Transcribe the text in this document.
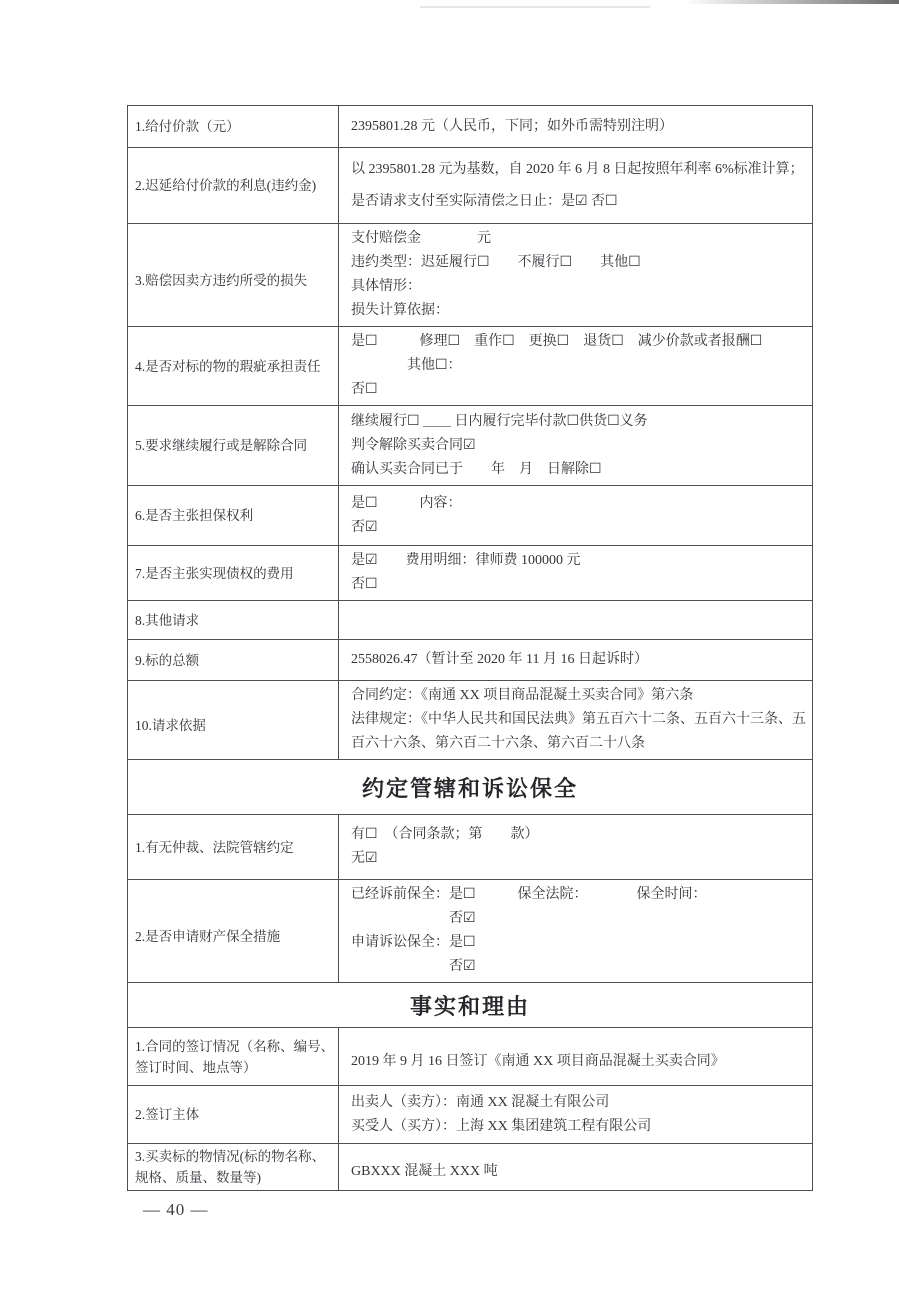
1.给付价款（元）	2395801.28 元（人民币，下同；如外币需特别注明）

2.迟延给付价款的利息(违约金)	以 2395801.28 元为基数，自 2020 年 6 月 8 日起按照年利率 6%标准计算；
是否请求支付至实际清偿之日止：是☑ 否☐

3.赔偿因卖方违约所受的损失	支付赔偿金　　　　元
违约类型：迟延履行☐　　不履行☐　　其他☐
具体情形：
损失计算依据：

4.是否对标的物的瑕疵承担责任	是☐　　　修理☐　重作☐　更换☐　退货☐　减少价款或者报酬☐
　　　　其他☐：
否☐

5.要求继续履行或是解除合同	继续履行☐ ＿＿ 日内履行完毕付款☐供货☐义务
判令解除买卖合同☑
确认买卖合同已于　　年　月　日解除☐

6.是否主张担保权利	是☐　　　内容：
否☑

7.是否主张实现债权的费用	是☑　　费用明细：律师费 100000 元
否☐

8.其他请求	

9.标的总额	2558026.47（暂计至 2020 年 11 月 16 日起诉时）

10.请求依据	合同约定：《南通 XX 项目商品混凝土买卖合同》第六条
法律规定：《中华人民共和国民法典》第五百六十二条、五百六十三条、五百六十六条、第六百二十六条、第六百二十八条

约定管辖和诉讼保全	
1.有无仲裁、法院管辖约定	有☐　（合同条款；第　　款）
无☑

2.是否申请财产保全措施	已经诉前保全：是☐　　　保全法院：　　　　保全时间：
　　　　　　　否☑
申请诉讼保全：是☐
　　　　　　　否☑

事实和理由	
1.合同的签订情况（名称、编号、签订时间、地点等）	2019 年 9 月 16 日签订《南通 XX 项目商品混凝土买卖合同》

2.签订主体	出卖人（卖方）：南通 XX 混凝土有限公司
买受人（买方）：上海 XX 集团建筑工程有限公司

3.买卖标的物情况(标的物名称、规格、质量、数量等)	GBXXX 混凝土 XXX 吨
— 40 —
